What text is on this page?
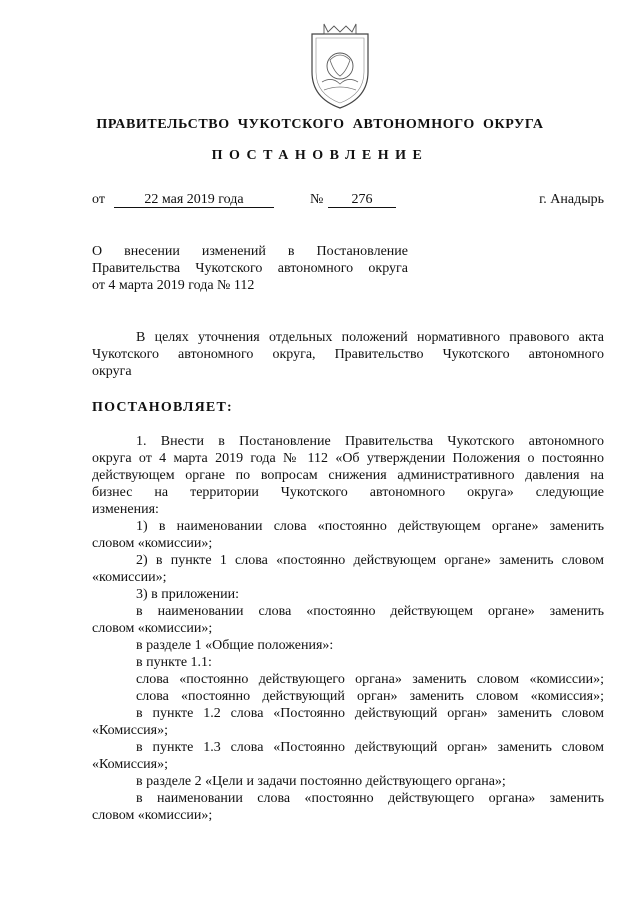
ПРАВИТЕЛЬСТВО ЧУКОТСКОГО АВТОНОМНОГО ОКРУГА
ПОСТАНОВЛЕНИЕ
от	22 мая 2019 года	№	276	г. Анадырь
О внесении изменений в Постановление
Правительства Чукотского автономного округа
от 4 марта 2019 года № 112
В целях уточнения отдельных положений нормативного правового акта
Чукотского автономного округа, Правительство Чукотского автономного
округа
ПОСТАНОВЛЯЕТ:
1. Внести в Постановление Правительства Чукотского автономного
округа от 4 марта 2019 года № 112 «Об утверждении Положения о постоянно
действующем органе по вопросам снижения административного давления на
бизнес на территории Чукотского автономного округа» следующие
изменения:
1) в наименовании слова «постоянно действующем органе» заменить
словом «комиссии»;
2) в пункте 1 слова «постоянно действующем органе» заменить словом
«комиссии»;
3) в приложении:
в наименовании слова «постоянно действующем органе» заменить
словом «комиссии»;
в разделе 1 «Общие положения»:
в пункте 1.1:
слова «постоянно действующего органа» заменить словом «комиссии»;
слова «постоянно действующий орган» заменить словом «комиссия»;
в пункте 1.2 слова «Постоянно действующий орган» заменить словом
«Комиссия»;
в пункте 1.3 слова «Постоянно действующий орган» заменить словом
«Комиссия»;
в разделе 2 «Цели и задачи постоянно действующего органа»;
в наименовании слова «постоянно действующего органа» заменить
словом «комиссии»;
